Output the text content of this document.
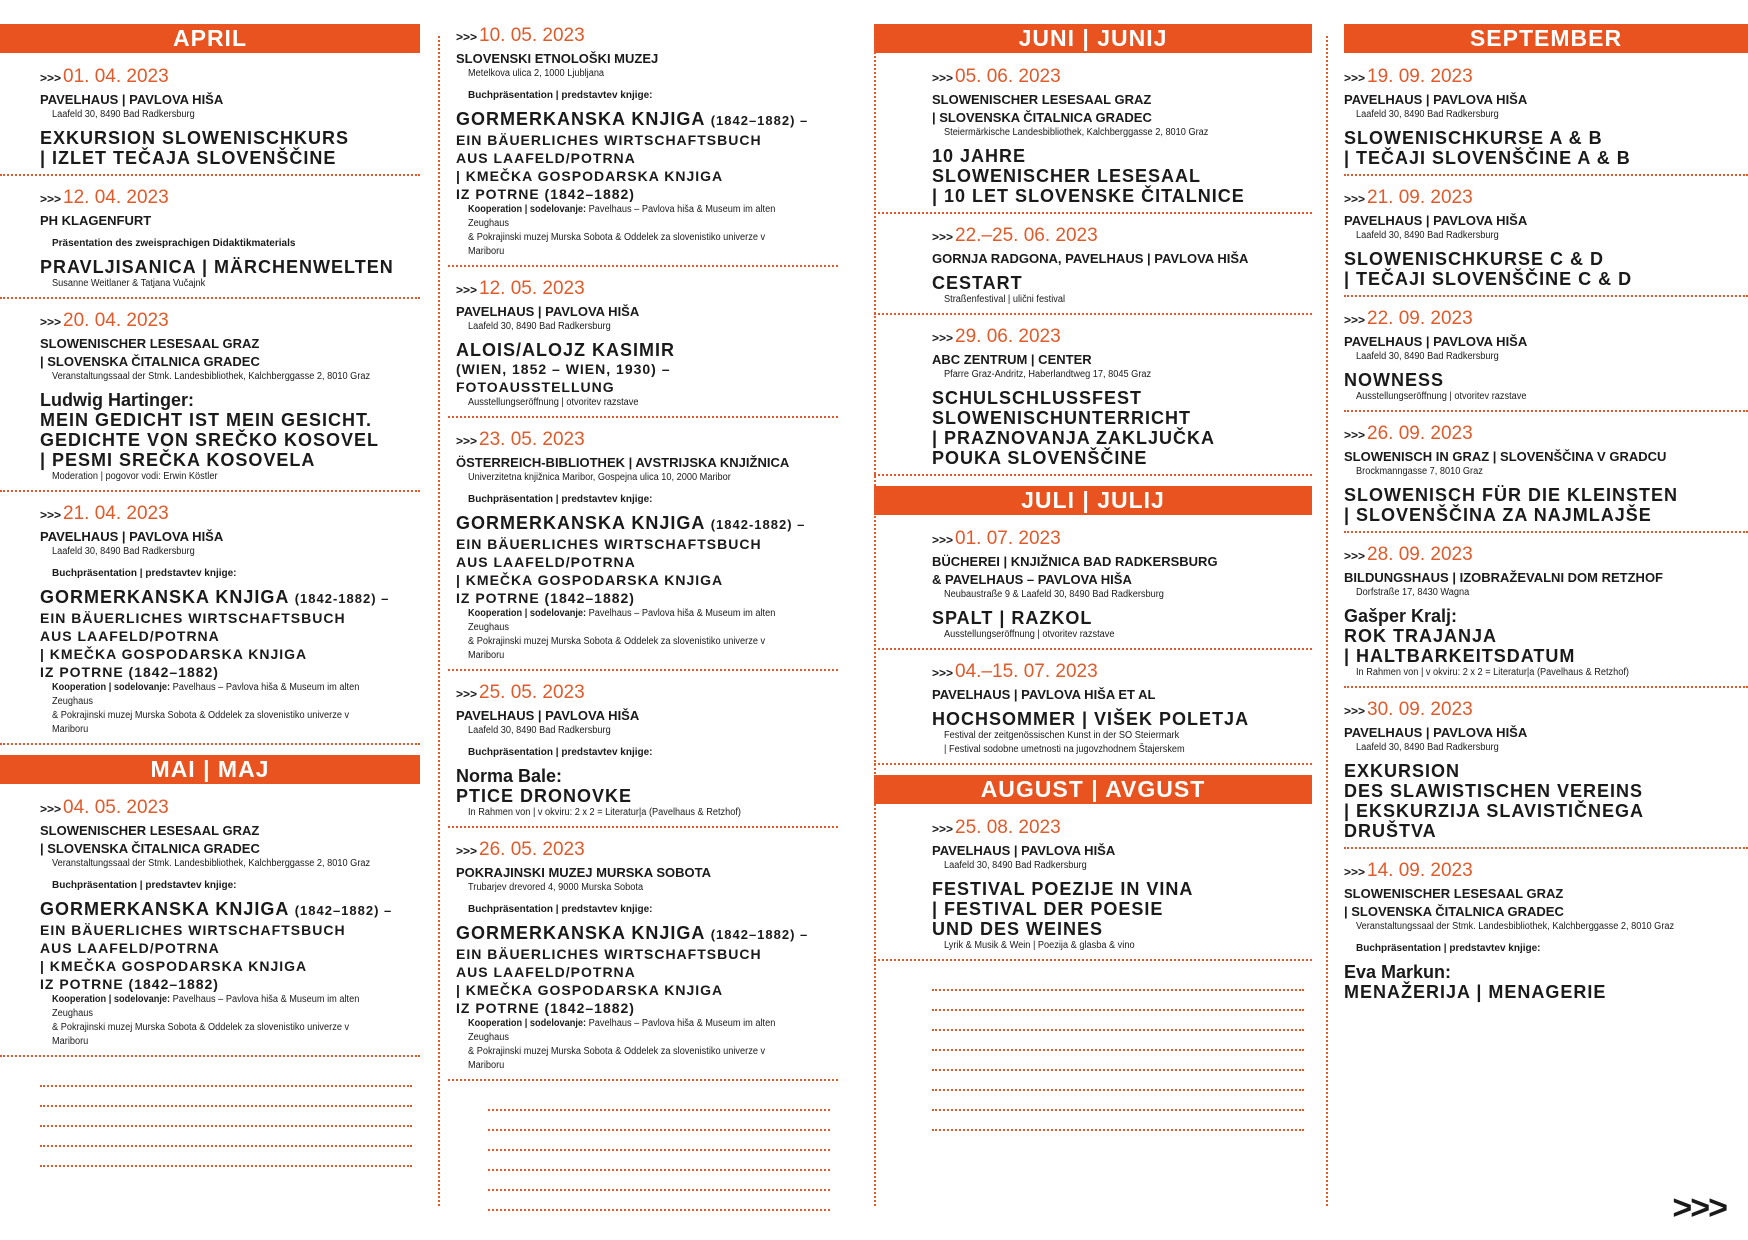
APRIL
>>> 01. 04. 2023
PAVELHAUS | PAVLOVA HIŠA
Laafeld 30, 8490 Bad Radkersburg
EXKURSION SLOWENISCHKURS
| IZLET TEČAJA SLOVENŠČINE
>>> 12. 04. 2023
PH KLAGENFURT
Präsentation des zweisprachigen Didaktikmaterials
PRAVLJISANICA | MÄRCHENWELTEN
Susanne Weitlaner & Tatjana Vučajnk
>>> 20. 04. 2023
SLOWENISCHER LESESAAL GRAZ
| SLOVENSKA ČITALNICA GRADEC
Veranstaltungssaal der Stmk. Landesbibliothek, Kalchberggasse 2, 8010 Graz
Ludwig Hartinger:
MEIN GEDICHT IST MEIN GESICHT.
GEDICHTE VON SREČKO KOSOVEL
| PESMI SREČKA KOSOVELA
Moderation | pogovor vodi: Erwin Köstler
>>> 21. 04. 2023
PAVELHAUS | PAVLOVA HIŠA
Laafeld 30, 8490 Bad Radkersburg
Buchpräsentation | predstavtev knjige:
GORMERKANSKA KNJIGA (1842-1882) –
EIN BÄUERLICHES WIRTSCHAFTSBUCH
AUS LAAFELD/POTRNA
| KMEČKA GOSPODARSKA KNJIGA
IZ POTRNE (1842–1882)
Kooperation | sodelovanje: Pavelhaus – Pavlova hiša & Museum im alten Zeughaus
& Pokrajinski muzej Murska Sobota & Oddelek za slovenistiko univerze v Mariboru
MAI | MAJ
>>> 04. 05. 2023
SLOWENISCHER LESESAAL GRAZ
| SLOVENSKA ČITALNICA GRADEC
Veranstaltungssaal der Stmk. Landesbibliothek, Kalchberggasse 2, 8010 Graz
Buchpräsentation | predstavtev knjige:
GORMERKANSKA KNJIGA (1842–1882) –
EIN BÄUERLICHES WIRTSCHAFTSBUCH
AUS LAAFELD/POTRNA
| KMEČKA GOSPODARSKA KNJIGA
IZ POTRNE (1842–1882)
Kooperation | sodelovanje: Pavelhaus – Pavlova hiša & Museum im alten Zeughaus
& Pokrajinski muzej Murska Sobota & Oddelek za slovenistiko univerze v Mariboru
>>> 10. 05. 2023
SLOVENSKI ETNOLOŠKI MUZEJ
Metelkova ulica 2, 1000 Ljubljana
Buchpräsentation | predstavtev knjige:
GORMERKANSKA KNJIGA (1842–1882) –
EIN BÄUERLICHES WIRTSCHAFTSBUCH
AUS LAAFELD/POTRNA
| KMEČKA GOSPODARSKA KNJIGA
IZ POTRNE (1842–1882)
Kooperation | sodelovanje: Pavelhaus – Pavlova hiša & Museum im alten Zeughaus
& Pokrajinski muzej Murska Sobota & Oddelek za slovenistiko univerze v Mariboru
>>> 12. 05. 2023
PAVELHAUS | PAVLOVA HIŠA
Laafeld 30, 8490 Bad Radkersburg
ALOIS/ALOJZ KASIMIR
(WIEN, 1852 – WIEN, 1930) –
FOTOAUSSTELLUNG
Ausstellungseröffnung | otvoritev razstave
>>> 23. 05. 2023
ÖSTERREICH-BIBLIOTHEK | AVSTRIJSKA KNJIŽNICA
Univerzitetna knjižnica Maribor, Gospejna ulica 10, 2000 Maribor
Buchpräsentation | predstavtev knjige:
GORMERKANSKA KNJIGA (1842-1882) –
EIN BÄUERLICHES WIRTSCHAFTSBUCH
AUS LAAFELD/POTRNA
| KMEČKA GOSPODARSKA KNJIGA
IZ POTRNE (1842–1882)
Kooperation | sodelovanje: Pavelhaus – Pavlova hiša & Museum im alten Zeughaus
& Pokrajinski muzej Murska Sobota & Oddelek za slovenistiko univerze v Mariboru
>>> 25. 05. 2023
PAVELHAUS | PAVLOVA HIŠA
Laafeld 30, 8490 Bad Radkersburg
Buchpräsentation | predstavtev knjige:
Norma Bale:
PTICE DRONOVKE
In Rahmen von | v okviru: 2 x 2 = Literatur|a (Pavelhaus & Retzhof)
>>> 26. 05. 2023
POKRAJINSKI MUZEJ MURSKA SOBOTA
Trubarjev drevored 4, 9000 Murska Sobota
Buchpräsentation | predstavtev knjige:
GORMERKANSKA KNJIGA (1842–1882) –
EIN BÄUERLICHES WIRTSCHAFTSBUCH
AUS LAAFELD/POTRNA
| KMEČKA GOSPODARSKA KNJIGA
IZ POTRNE (1842–1882)
Kooperation | sodelovanje: Pavelhaus – Pavlova hiša & Museum im alten Zeughaus
& Pokrajinski muzej Murska Sobota & Oddelek za slovenistiko univerze v Mariboru
JUNI | JUNIJ
>>> 05. 06. 2023
SLOWENISCHER LESESAAL GRAZ
| SLOVENSKA ČITALNICA GRADEC
Steiermärkische Landesbibliothek, Kalchberggasse 2, 8010 Graz
10 JAHRE
SLOWENISCHER LESESAAL
| 10 LET SLOVENSKE ČITALNICE
>>> 22.–25. 06. 2023
GORNJA RADGONA, PAVELHAUS | PAVLOVA HIŠA
CESTART
Straßenfestival | ulični festival
>>> 29. 06. 2023
ABC ZENTRUM | CENTER
Pfarre Graz-Andritz, Haberlandtweg 17, 8045 Graz
SCHULSCHLUSSFEST
SLOWENISCHUNTERRICHT
| PRAZNOVANJA ZAKLJUČKA
POUKA SLOVENŠČINE
JULI | JULIJ
>>> 01. 07. 2023
BÜCHEREI | KNJIŽNICA BAD RADKERSBURG
& PAVELHAUS – PAVLOVA HIŠA
Neubaustraße 9 & Laafeld 30, 8490 Bad Radkersburg
SPALT | RAZKOL
Ausstellungseröffnung | otvoritev razstave
>>> 04.–15. 07. 2023
PAVELHAUS | PAVLOVA HIŠA ET AL
HOCHSOMMER | VIŠEK POLETJA
Festival der zeitgenössischen Kunst in der SO Steiermark
| Festival sodobne umetnosti na jugovzhodnem Štajerskem
AUGUST | AVGUST
>>> 25. 08. 2023
PAVELHAUS | PAVLOVA HIŠA
Laafeld 30, 8490 Bad Radkersburg
FESTIVAL POEZIJE IN VINA
| FESTIVAL DER POESIE
UND DES WEINES
Lyrik & Musik & Wein | Poezija & glasba & vino
SEPTEMBER
>>> 19. 09. 2023
PAVELHAUS | PAVLOVA HIŠA
Laafeld 30, 8490 Bad Radkersburg
SLOWENISCHKURSE A & B
| TEČAJI SLOVENŠČINE A & B
>>> 21. 09. 2023
PAVELHAUS | PAVLOVA HIŠA
Laafeld 30, 8490 Bad Radkersburg
SLOWENISCHKURSE C & D
| TEČAJI SLOVENŠČINE C & D
>>> 22. 09. 2023
PAVELHAUS | PAVLOVA HIŠA
Laafeld 30, 8490 Bad Radkersburg
NOWNESS
Ausstellungseröffnung | otvoritev razstave
>>> 26. 09. 2023
SLOWENISCH IN GRAZ | SLOVENŠČINA V GRADCU
Brockmanngasse 7, 8010 Graz
SLOWENISCH FÜR DIE KLEINSTEN
| SLOVENŠČINA ZA NAJMLAJŠE
>>> 28. 09. 2023
BILDUNGSHAUS | IZOBRAŽEVALNI DOM RETZHOF
Dorfstraße 17, 8430 Wagna
Gašper Kralj:
ROK TRAJANJA
| HALTBARKEITSDATUM
In Rahmen von | v okviru: 2 x 2 = Literatur|a (Pavelhaus & Retzhof)
>>> 30. 09. 2023
PAVELHAUS | PAVLOVA HIŠA
Laafeld 30, 8490 Bad Radkersburg
EXKURSION
DES SLAWISTISCHEN VEREINS
| EKSKURZIJA SLAVISTIČNEGA
DRUŠTVA
>>> 14. 09. 2023
SLOWENISCHER LESESAAL GRAZ
| SLOVENSKA ČITALNICA GRADEC
Veranstaltungssaal der Stmk. Landesbibliothek, Kalchberggasse 2, 8010 Graz
Buchpräsentation | predstavtev knjige:
Eva Markun:
MENAŽERIJA | MENAGERIE
>>>
